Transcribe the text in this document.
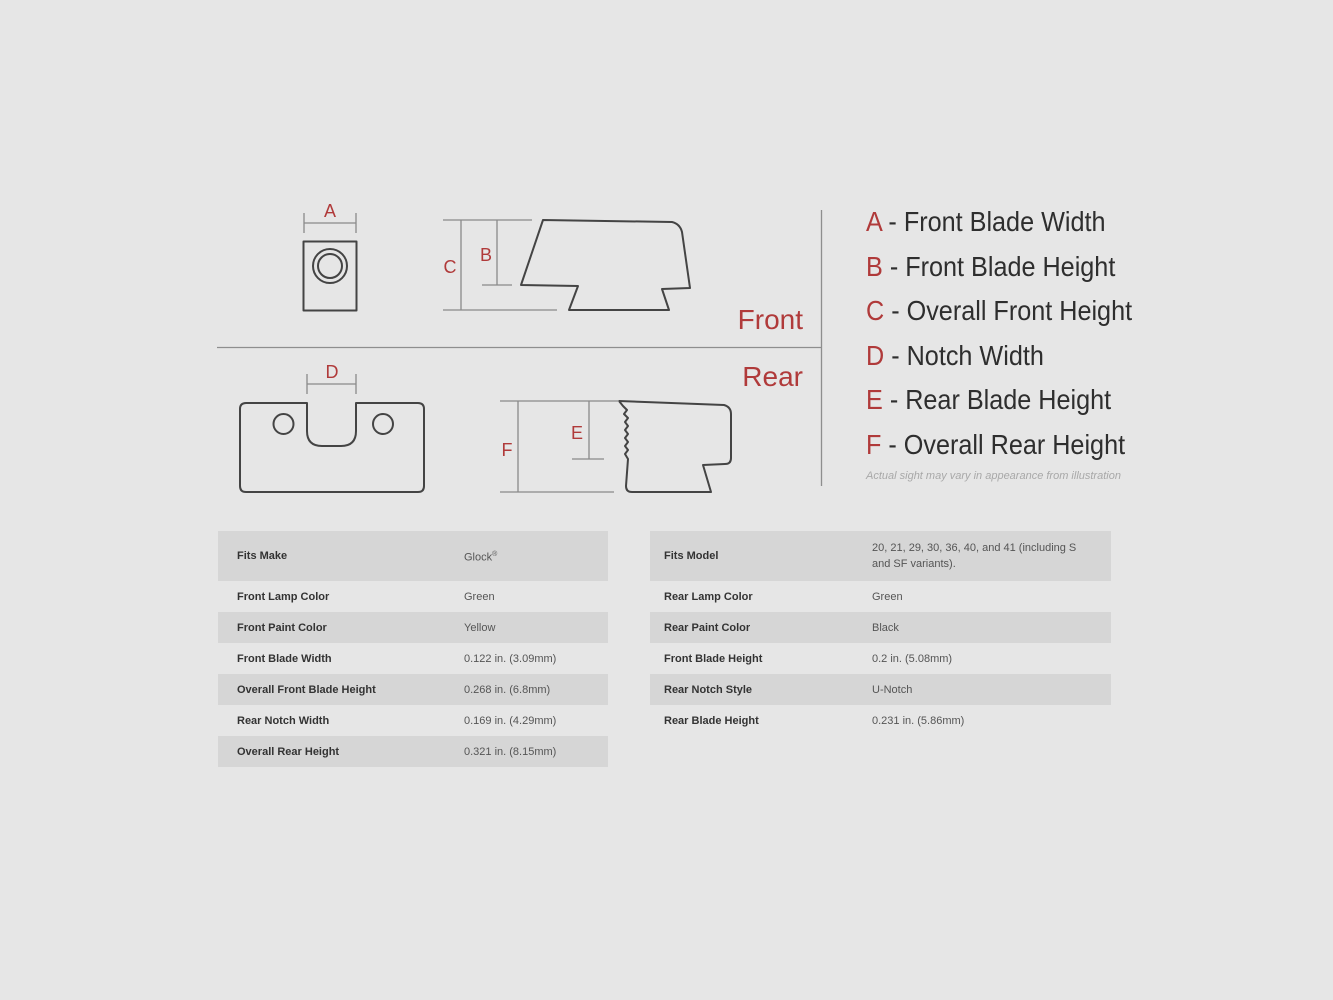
A
B
C
Front
D
E
F
Rear
A - Front Blade Width
B - Front Blade Height
C - Overall Front Height
D - Notch Width
E - Rear Blade Height
F - Overall Rear Height
Actual sight may vary in appearance from illustration
Fits Make	Glock®
Front Lamp Color	Green
Front Paint Color	Yellow
Front Blade Width	0.122 in. (3.09mm)
Overall Front Blade Height	0.268 in. (6.8mm)
Rear Notch Width	0.169 in. (4.29mm)
Overall Rear Height	0.321 in. (8.15mm)
Fits Model	20, 21, 29, 30, 36, 40, and 41 (including S and SF variants).
Rear Lamp Color	Green
Rear Paint Color	Black
Front Blade Height	0.2 in. (5.08mm)
Rear Notch Style	U-Notch
Rear Blade Height	0.231 in. (5.86mm)
